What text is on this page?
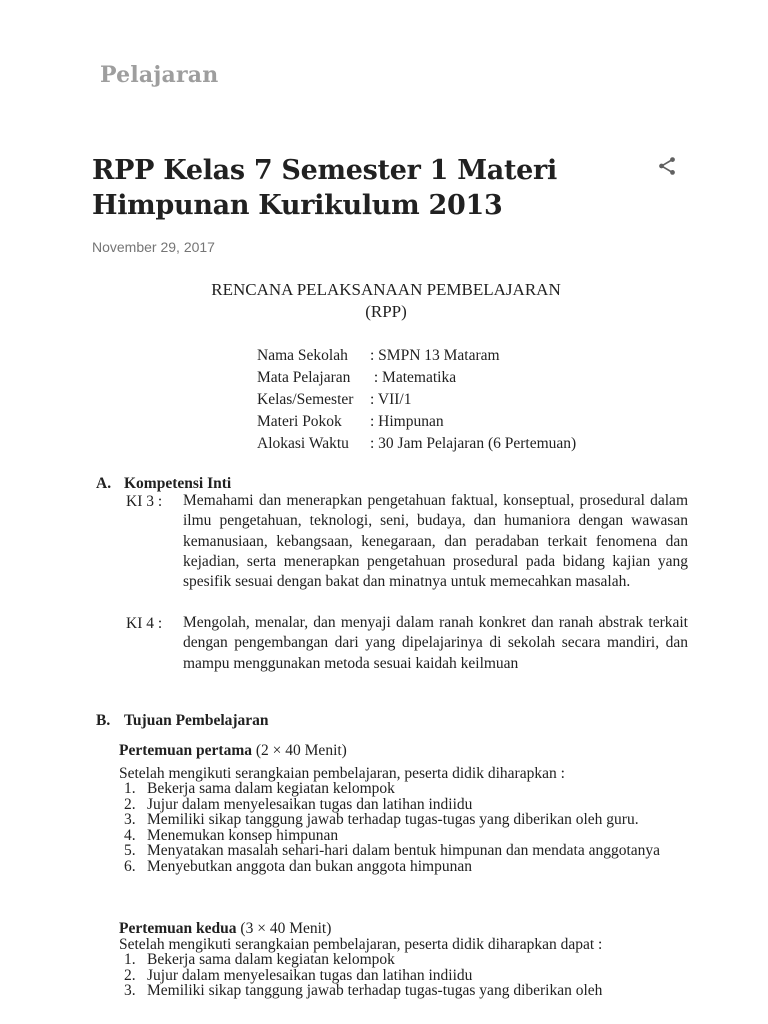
Pelajaran
RPP Kelas 7 Semester 1 Materi Himpunan Kurikulum 2013
November 29, 2017
RENCANA PELAKSANAAN PEMBELAJARAN
(RPP)
Nama Sekolah : SMPN 13 Mataram
Mata Pelajaran : Matematika
Kelas/Semester : VII/1
Materi Pokok : Himpunan
Alokasi Waktu : 30 Jam Pelajaran (6 Pertemuan)
A. Kompetensi Inti
KI 3 : Memahami dan menerapkan pengetahuan faktual, konseptual, prosedural dalam ilmu pengetahuan, teknologi, seni, budaya, dan humaniora dengan wawasan kemanusiaan, kebangsaan, kenegaraan, dan peradaban terkait fenomena dan kejadian, serta menerapkan pengetahuan prosedural pada bidang kajian yang spesifik sesuai dengan bakat dan minatnya untuk memecahkan masalah.
KI 4 : Mengolah, menalar, dan menyaji dalam ranah konkret dan ranah abstrak terkait dengan pengembangan dari yang dipelajarinya di sekolah secara mandiri, dan mampu menggunakan metoda sesuai kaidah keilmuan
B. Tujuan Pembelajaran
Pertemuan pertama (2 × 40 Menit)
Setelah mengikuti serangkaian pembelajaran, peserta didik diharapkan :

1. Bekerja sama dalam kegiatan kelompok

2. Jujur dalam menyelesaikan tugas dan latihan indiidu

3. Memiliki sikap tanggung jawab terhadap tugas-tugas yang diberikan oleh guru.

4. Menemukan konsep himpunan

5. Menyatakan masalah sehari-hari dalam bentuk himpunan dan mendata anggotanya

6. Menyebutkan anggota dan bukan anggota himpunan

Pertemuan kedua (3 × 40 Menit)
Setelah mengikuti serangkaian pembelajaran, peserta didik diharapkan dapat :

1. Bekerja sama dalam kegiatan kelompok

2. Jujur dalam menyelesaikan tugas dan latihan indiidu

3. Memiliki sikap tanggung jawab terhadap tugas-tugas yang diberikan oleh
